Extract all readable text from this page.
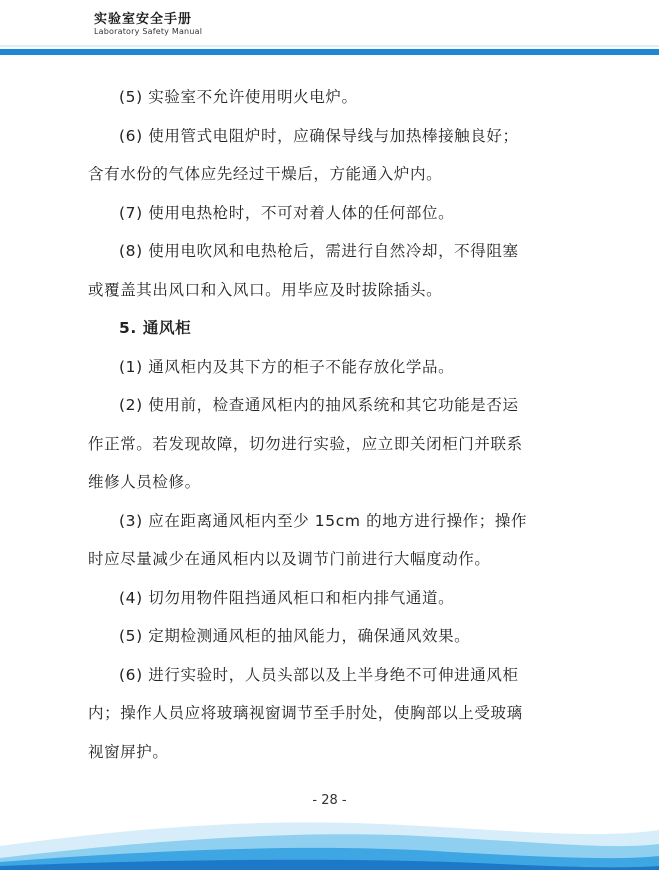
实验室安全手册
Laboratory Safety Manual

(5) 实验室不允许使用明火电炉。

(6) 使用管式电阻炉时，应确保导线与加热棒接触良好；

含有水份的气体应先经过干燥后，方能通入炉内。

(7) 使用电热枪时，不可对着人体的任何部位。

(8) 使用电吹风和电热枪后，需进行自然冷却，不得阻塞

或覆盖其出风口和入风口。用毕应及时拔除插头。

5. 通风柜

(1) 通风柜内及其下方的柜子不能存放化学品。

(2) 使用前，检查通风柜内的抽风系统和其它功能是否运

作正常。若发现故障，切勿进行实验，应立即关闭柜门并联系

维修人员检修。

(3) 应在距离通风柜内至少 15cm 的地方进行操作；操作

时应尽量减少在通风柜内以及调节门前进行大幅度动作。

(4) 切勿用物件阻挡通风柜口和柜内排气通道。

(5) 定期检测通风柜的抽风能力，确保通风效果。

(6) 进行实验时，人员头部以及上半身绝不可伸进通风柜

内；操作人员应将玻璃视窗调节至手肘处，使胸部以上受玻璃

视窗屏护。

- 28 -
